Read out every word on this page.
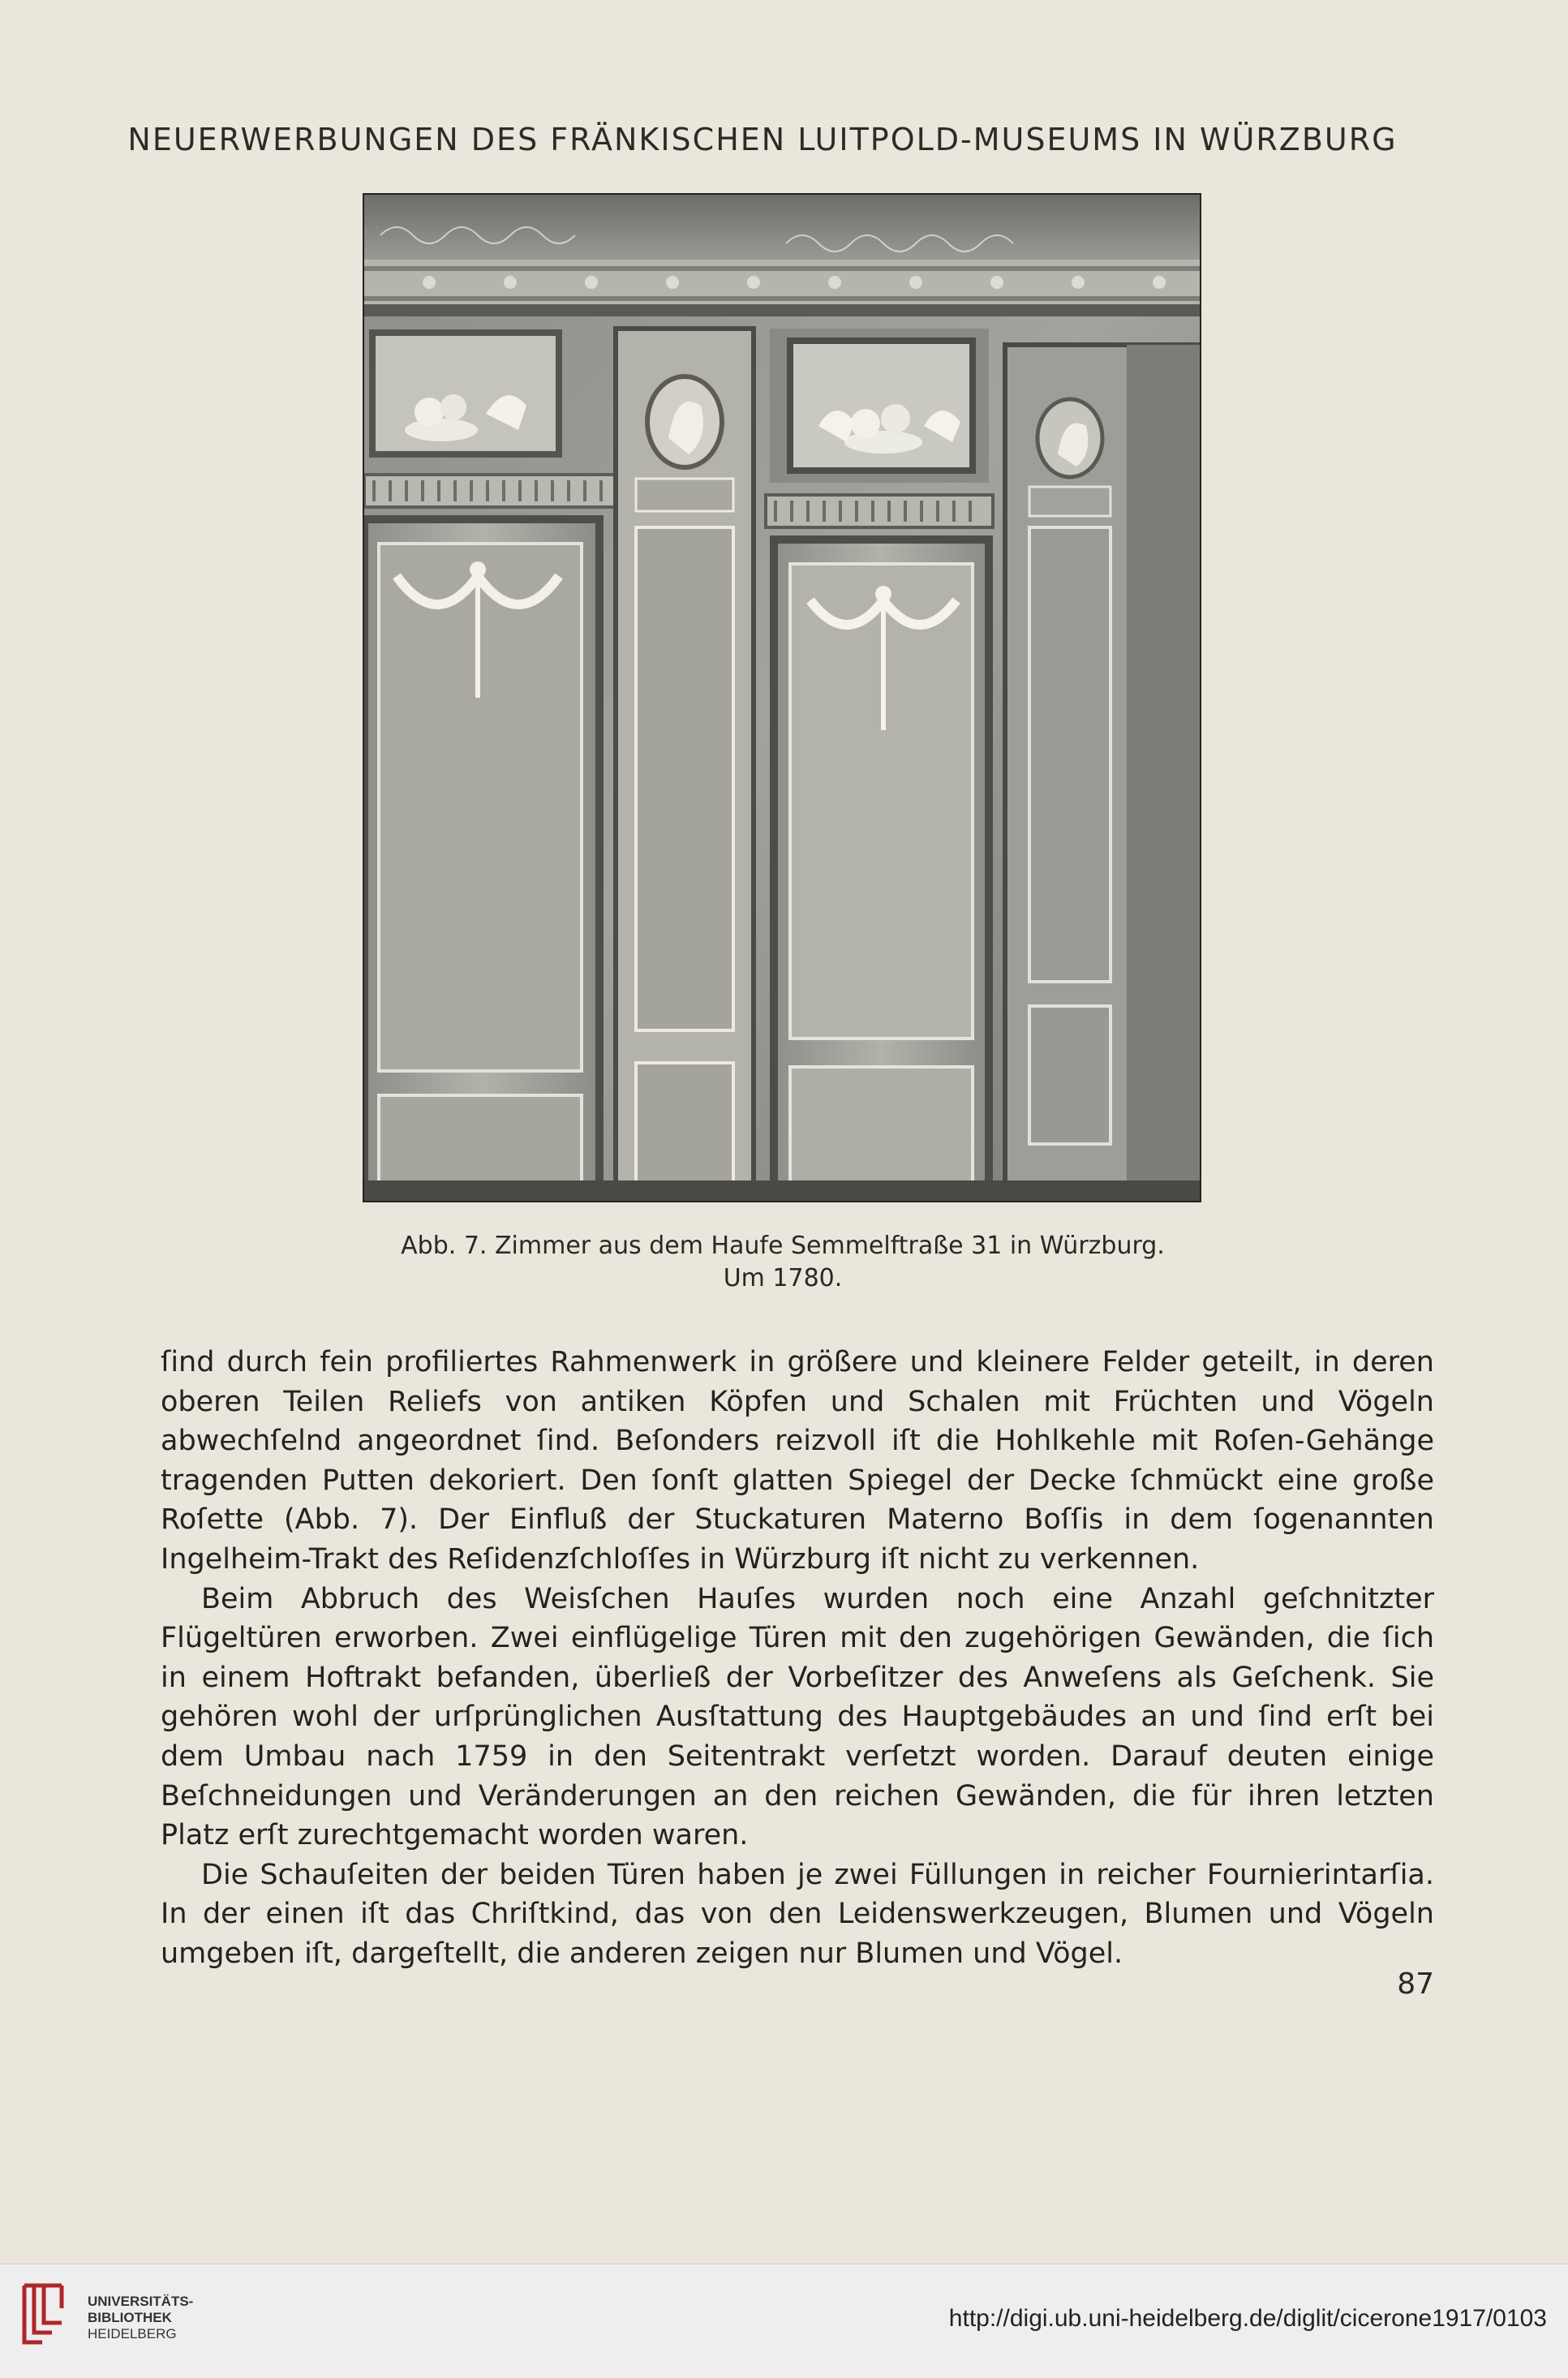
NEUERWERBUNGEN DES FRÄNKISCHEN LUITPOLD-MUSEUMS IN WÜRZBURG
Abb. 7. Zimmer aus dem Haufe Semmelftraße 31 in Würzburg.
Um 1780.

ſind durch fein profiliertes Rahmenwerk in größere und kleinere Felder geteilt, in deren oberen Teilen Reliefs von antiken Köpfen und Schalen mit Früchten und Vögeln abwechſelnd angeordnet ſind. Beſonders reizvoll iſt die Hohlkehle mit Roſen-Gehänge tragenden Putten dekoriert. Den ſonſt glatten Spiegel der Decke ſchmückt eine große Roſette (Abb. 7). Der Einfluß der Stuckaturen Materno Boſſis in dem ſogenannten Ingelheim-Trakt des Reſidenzſchloſſes in Würzburg iſt nicht zu verkennen.

Beim Abbruch des Weisſchen Hauſes wurden noch eine Anzahl geſchnitzter Flügeltüren erworben. Zwei einflügelige Türen mit den zugehörigen Gewänden, die ſich in einem Hoftrakt befanden, überließ der Vorbeſitzer des Anweſens als Geſchenk. Sie gehören wohl der urſprünglichen Ausſtattung des Hauptgebäudes an und ſind erſt bei dem Umbau nach 1759 in den Seitentrakt verſetzt worden. Darauf deuten einige Beſchneidungen und Veränderungen an den reichen Gewänden, die für ihren letzten Platz erſt zurechtgemacht worden waren.

Die Schauſeiten der beiden Türen haben je zwei Füllungen in reicher Fournierintarſia. In der einen iſt das Chriſtkind, das von den Leidenswerkzeugen, Blumen und Vögeln umgeben iſt, dargeſtellt, die anderen zeigen nur Blumen und Vögel.

87
UNIVERSITÄTS-
BIBLIOTHEK
HEIDELBERG
http://digi.ub.uni-heidelberg.de/diglit/cicerone1917/0103
